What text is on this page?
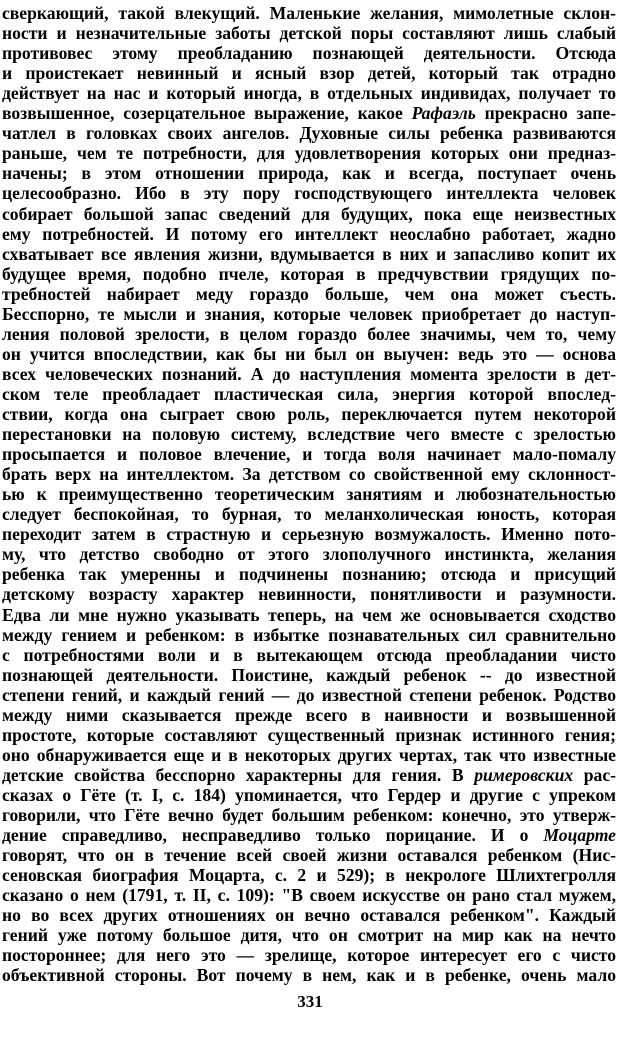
сверкающий, такой влекущий. Маленькие желания, мимолетные склон-
ности и незначительные заботы детской поры составляют лишь слабый
противовес этому преобладанию познающей деятельности. Отсюда
и проистекает невинный и ясный взор детей, который так отрадно
действует на нас и который иногда, в отдельных индивидах, получает то
возвышенное, созерцательное выражение, какое Рафаэль прекрасно запе-
чатлел в головках своих ангелов. Духовные силы ребенка развиваются
раньше, чем те потребности, для удовлетворения которых они предназ-
начены; в этом отношении природа, как и всегда, поступает очень
целесообразно. Ибо в эту пору господствующего интеллекта человек
собирает большой запас сведений для будущих, пока еще неизвестных
ему потребностей. И потому его интеллект неослабно работает, жадно
схватывает все явления жизни, вдумывается в них и запасливо копит их
будущее время, подобно пчеле, которая в предчувствии грядущих по-
требностей набирает меду гораздо больше, чем она может съесть.
Бесспорно, те мысли и знания, которые человек приобретает до наступ-
ления половой зрелости, в целом гораздо более значимы, чем то, чему
он учится впоследствии, как бы ни был он выучен: ведь это — основа
всех человеческих познаний. А до наступления момента зрелости в дет-
ском теле преобладает пластическая сила, энергия которой впослед-
ствии, когда она сыграет свою роль, переключается путем некоторой
перестановки на половую систему, вследствие чего вместе с зрелостью
просыпается и половое влечение, и тогда воля начинает мало-помалу
брать верх на интеллектом. За детством со свойственной ему склонност-
ью к преимущественно теоретическим занятиям и любознательностью
следует беспокойная, то бурная, то меланхолическая юность, которая
переходит затем в страстную и серьезную возмужалость. Именно пото-
му, что детство свободно от этого злополучного инстинкта, желания
ребенка так умеренны и подчинены познанию; отсюда и присущий
детскому возрасту характер невинности, понятливости и разумности.
Едва ли мне нужно указывать теперь, на чем же основывается сходство
между гением и ребенком: в избытке познавательных сил сравнительно
с потребностями воли и в вытекающем отсюда преобладании чисто
познающей деятельности. Поистине, каждый ребенок -- до известной
степени гений, и каждый гений — до известной степени ребенок. Родство
между ними сказывается прежде всего в наивности и возвышенной
простоте, которые составляют существенный признак истинного гения;
оно обнаруживается еще и в некоторых других чертах, так что известные
детские свойства бесспорно характерны для гения. В римеровских рас-
сказах о Гёте (т. I, с. 184) упоминается, что Гердер и другие с упреком
говорили, что Гёте вечно будет большим ребенком: конечно, это утверж-
дение справедливо, несправедливо только порицание. И о Моцарте
говорят, что он в течение всей своей жизни оставался ребенком (Нис-
сеновская биография Моцарта, с. 2 и 529); в некрологе Шлихтегролля
сказано о нем (1791, т. II, с. 109): "В своем искусстве он рано стал мужем,
но во всех других отношениях он вечно оставался ребенком". Каждый
гений уже потому большое дитя, что он смотрит на мир как на нечто
постороннее; для него это — зрелище, которое интересует его с чисто
объективной стороны. Вот почему в нем, как и в ребенке, очень мало
331
